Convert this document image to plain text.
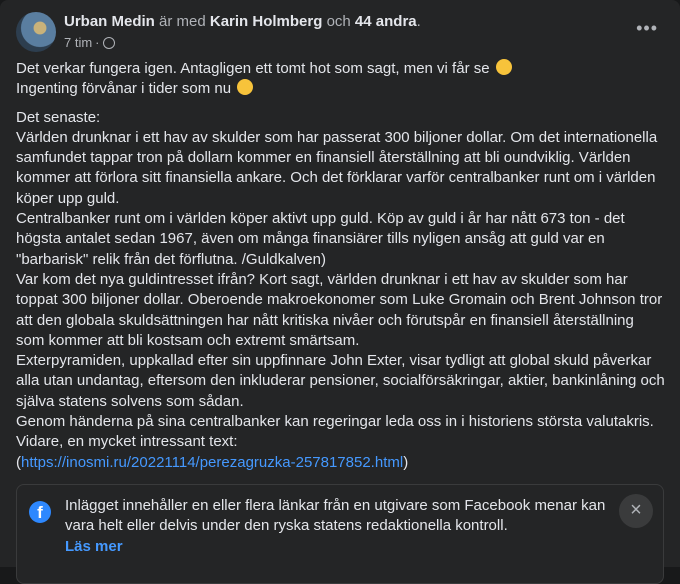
Urban Medin är med Karin Holmberg och 44 andra.
7 tim ·
•••

Det verkar fungera igen. Antagligen ett tomt hot som sagt, men vi får se
Ingenting förvånar i tider som nu

Det senaste:
Världen drunknar i ett hav av skulder som har passerat 300 biljoner dollar. Om det internationella samfundet tappar tron på dollarn kommer en finansiell återställning att bli oundviklig. Världen kommer att förlora sitt finansiella ankare. Och det förklarar varför centralbanker runt om i världen köper upp guld.
Centralbanker runt om i världen köper aktivt upp guld. Köp av guld i år har nått 673 ton - det högsta antalet sedan 1967, även om många finansiärer tills nyligen ansåg att guld var en "barbarisk" relik från det förflutna. /Guldkalven)
Var kom det nya guldintresset ifrån? Kort sagt, världen drunknar i ett hav av skulder som har toppat 300 biljoner dollar. Oberoende makroekonomer som Luke Gromain och Brent Johnson tror att den globala skuldsättningen har nått kritiska nivåer och förutspår en finansiell återställning som kommer att bli kostsam och extremt smärtsam.
Exterpyramiden, uppkallad efter sin uppfinnare John Exter, visar tydligt att global skuld påverkar alla utan undantag, eftersom den inkluderar pensioner, socialförsäkringar, aktier, bankinlåning och själva statens solvens som sådan.
Genom händerna på sina centralbanker kan regeringar leda oss in i historiens största valutakris.
Vidare, en mycket intressant text:
(https://inosmi.ru/20221114/perezagruzka-257817852.html)
f	Inlägget innehåller en eller flera länkar från en utgivare som Facebook menar kan vara helt eller delvis under den ryska statens redaktionella kontroll.
Läs mer
×
